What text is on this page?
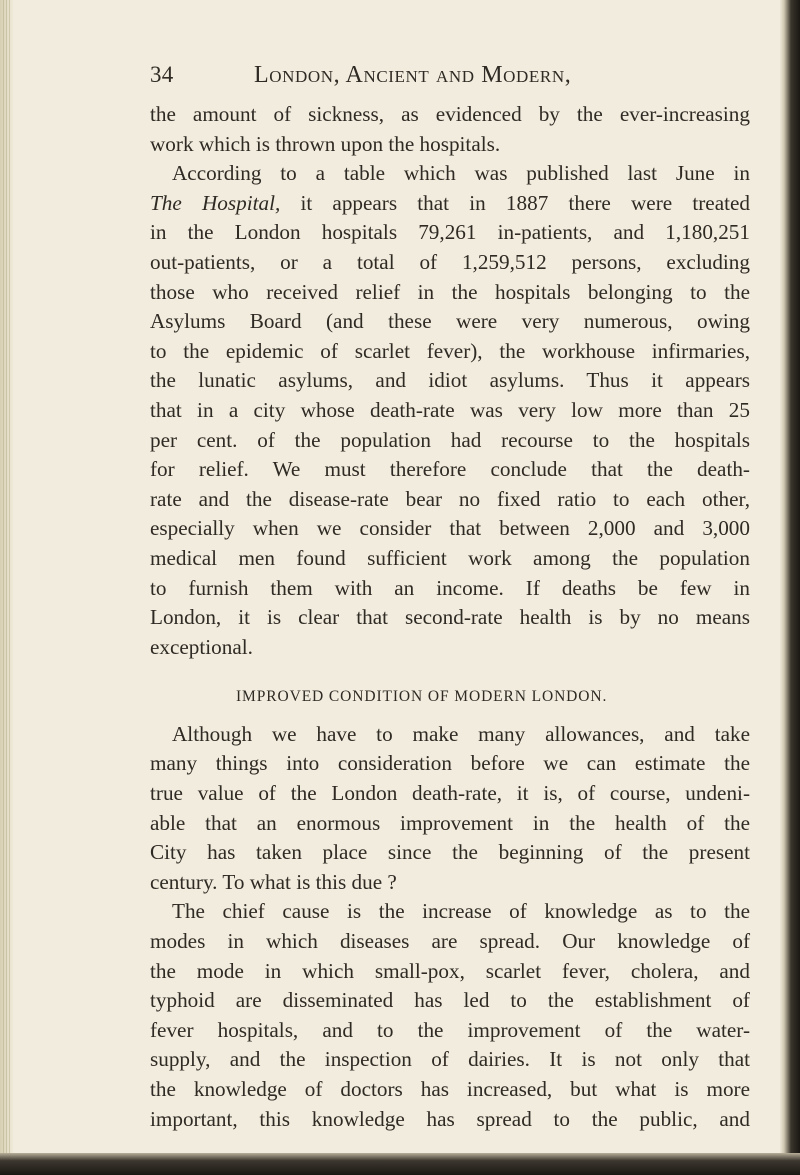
34	London, Ancient and Modern,
the amount of sickness, as evidenced by the ever-increasing
work which is thrown upon the hospitals.
According to a table which was published last June in
The Hospital, it appears that in 1887 there were treated
in the London hospitals 79,261 in-patients, and 1,180,251
out-patients, or a total of 1,259,512 persons, excluding
those who received relief in the hospitals belonging to the
Asylums Board (and these were very numerous, owing
to the epidemic of scarlet fever), the workhouse infirmaries,
the lunatic asylums, and idiot asylums. Thus it appears
that in a city whose death-rate was very low more than 25
per cent. of the population had recourse to the hospitals
for relief. We must therefore conclude that the death-
rate and the disease-rate bear no fixed ratio to each other,
especially when we consider that between 2,000 and 3,000
medical men found sufficient work among the population
to furnish them with an income. If deaths be few in
London, it is clear that second-rate health is by no means
exceptional.
IMPROVED CONDITION OF MODERN LONDON.
Although we have to make many allowances, and take
many things into consideration before we can estimate the
true value of the London death-rate, it is, of course, undeni-
able that an enormous improvement in the health of the
City has taken place since the beginning of the present
century. To what is this due ?
The chief cause is the increase of knowledge as to the
modes in which diseases are spread. Our knowledge of
the mode in which small-pox, scarlet fever, cholera, and
typhoid are disseminated has led to the establishment of
fever hospitals, and to the improvement of the water-
supply, and the inspection of dairies. It is not only that
the knowledge of doctors has increased, but what is more
important, this knowledge has spread to the public, and
